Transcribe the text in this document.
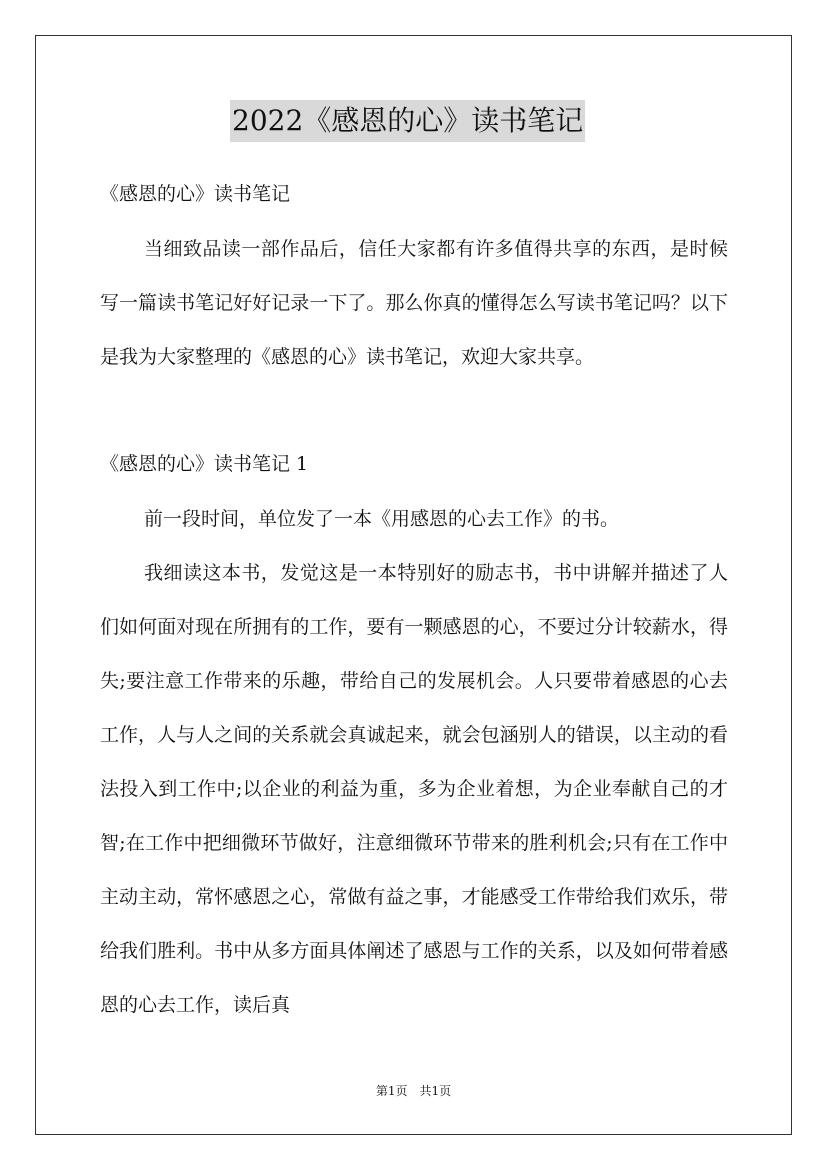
2022《感恩的心》读书笔记

《感恩的心》读书笔记

当细致品读一部作品后，信任大家都有许多值得共享的东西，是时候写一篇读书笔记好好记录一下了。那么你真的懂得怎么写读书笔记吗？以下是我为大家整理的《感恩的心》读书笔记，欢迎大家共享。

《感恩的心》读书笔记 1

前一段时间，单位发了一本《用感恩的心去工作》的书。

我细读这本书，发觉这是一本特别好的励志书，书中讲解并描述了人们如何面对现在所拥有的工作，要有一颗感恩的心，不要过分计较薪水，得失;要注意工作带来的乐趣，带给自己的发展机会。人只要带着感恩的心去工作，人与人之间的关系就会真诚起来，就会包涵别人的错误，以主动的看法投入到工作中;以企业的利益为重，多为企业着想，为企业奉献自己的才智;在工作中把细微环节做好，注意细微环节带来的胜利机会;只有在工作中主动主动，常怀感恩之心，常做有益之事，才能感受工作带给我们欢乐，带给我们胜利。书中从多方面具体阐述了感恩与工作的关系，以及如何带着感恩的心去工作，读后真

第1页　共1页
